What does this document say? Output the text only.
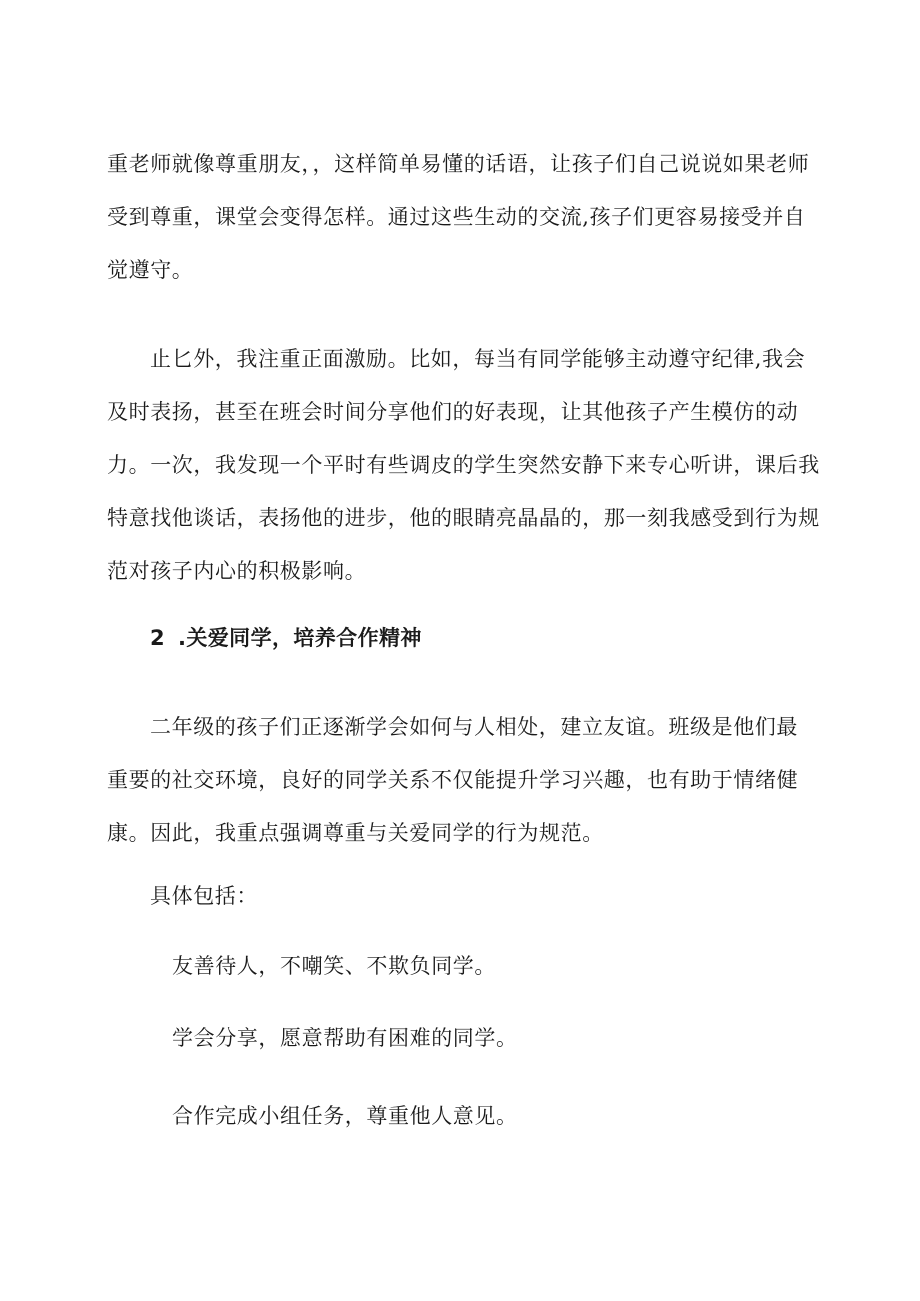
重老师就像尊重朋友，，这样简单易懂的话语，让孩子们自己说说如果老师
受到尊重，课堂会变得怎样。通过这些生动的交流,孩子们更容易接受并自
觉遵守。
止匕外，我注重正面激励。比如，每当有同学能够主动遵守纪律,我会
及时表扬，甚至在班会时间分享他们的好表现，让其他孩子产生模仿的动
力。一次，我发现一个平时有些调皮的学生突然安静下来专心听讲，课后我
特意找他谈话，表扬他的进步，他的眼睛亮晶晶的，那一刻我感受到行为规
范对孩子内心的积极影响。
2 .关爱同学，培养合作精神
二年级的孩子们正逐渐学会如何与人相处，建立友谊。班级是他们最
重要的社交环境，良好的同学关系不仅能提升学习兴趣，也有助于情绪健
康。因此，我重点强调尊重与关爱同学的行为规范。

具体包括：

友善待人，不嘲笑、不欺负同学。

学会分享，愿意帮助有困难的同学。

合作完成小组任务，尊重他人意见。
